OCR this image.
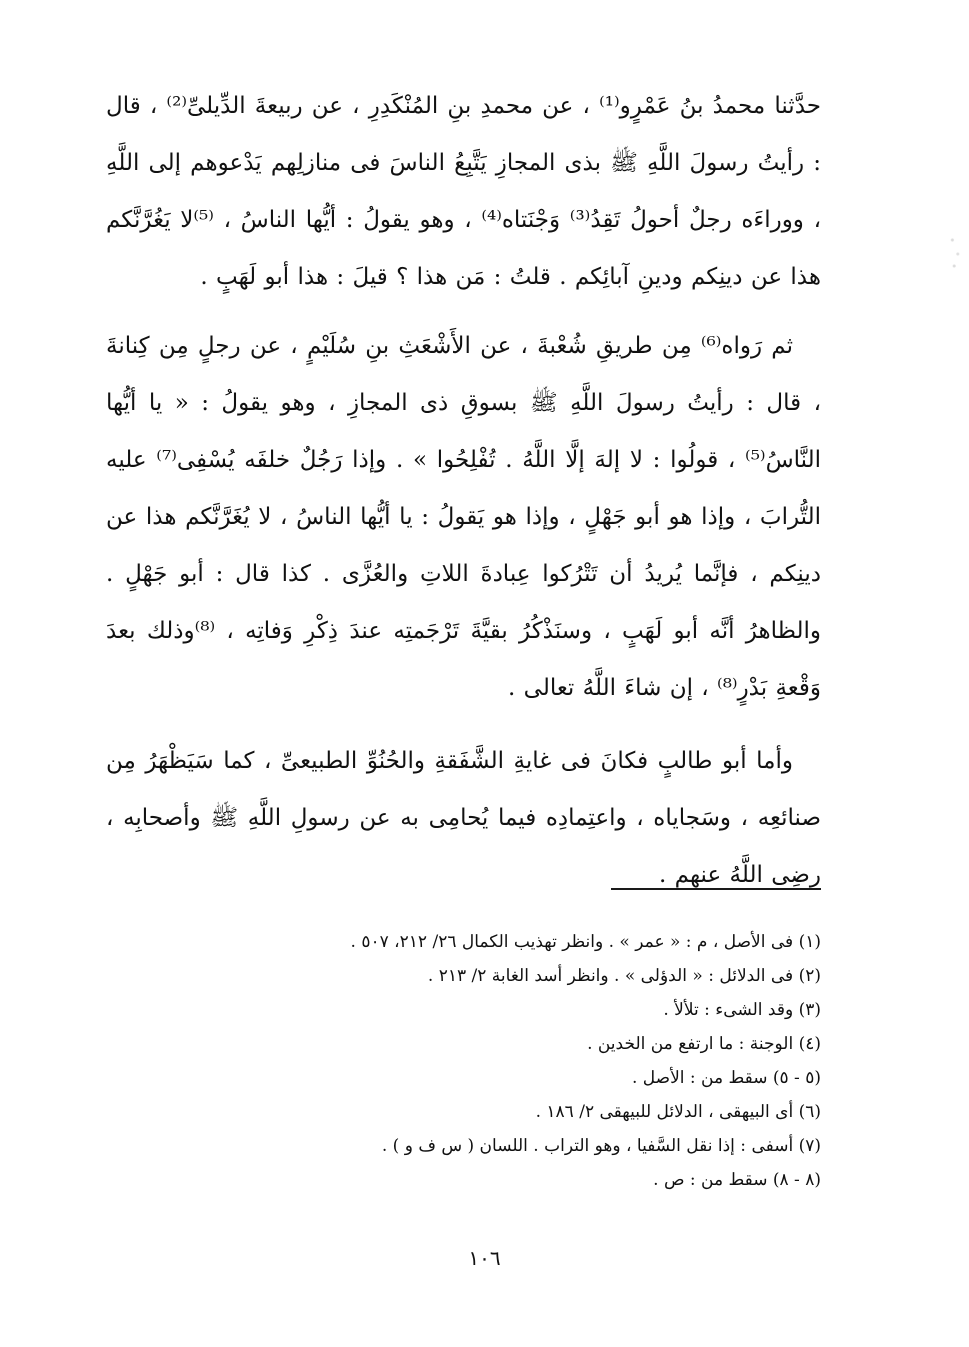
حدَّثنا محمدُ بنُ عَمْرٍو⁽¹⁾ ، عن محمدِ بنِ المُنْكَدِرِ ، عن ربيعةَ الدِّيلىِّ⁽²⁾ ، قال : رأيتُ رسولَ اللَّهِ ﷺ بذى المجازِ يَتَّبِعُ الناسَ فى منازلِهم يَدْعوهم إلى اللَّهِ ، ووراءَه رجلٌ أحولُ تَقِدُ⁽³⁾ وَجْنَتاه⁽⁴⁾ ، وهو يقولُ : أيُّها الناسُ ، ⁽⁵⁾لا يَغُرَّنَّكم هذا عن دينِكم ودينِ آبائِكم . قلتُ : مَن هذا ؟ قيلَ : هذا أبو لَهَبٍ .

ثم رَواه⁽⁶⁾ مِن طريقِ شُعْبةَ ، عن الأَشْعَثِ بنِ سُلَيْمٍ ، عن رجلٍ مِن كِنانةَ ، قال : رأيتُ رسولَ اللَّهِ ﷺ بسوقِ ذى المجازِ ، وهو يقولُ : « يا أيُّها النَّاسُ⁽⁵⁾ ، قولُوا : لا إلهَ إلَّا اللَّهُ . تُفْلِحُوا » . وإذا رَجُلٌ خلفَه يُسْفِى⁽⁷⁾ عليه التُّرابَ ، وإذا هو أبو جَهْلٍ ، وإذا هو يَقولُ : يا أيُّها الناسُ ، لا يُغَرَّنَّكم هذا عن دينِكم ، فإنَّما يُريدُ أن تَتْرُكوا عِبادةَ اللاتِ والعُزَّى . كذا قال : أبو جَهْلٍ . والظاهرُ أنَّه أبو لَهَبٍ ، وسنَذْكُرُ بقيَّةَ تَرْجَمتِه عندَ ذِكْرِ وَفاتِه ، ⁽⁸⁾وذلك بعدَ وَقْعةِ بَدْرٍ⁽⁸⁾ ، إن شاءَ اللَّهُ تعالى .

وأما أبو طالبٍ فكانَ فى غايةِ الشَّفَقةِ والحُنُوِّ الطبيعىِّ ، كما سَيَظْهَرُ مِن صنائعِه ، وسَجاياه ، واعتِمادِه فيما يُحامِى به عن رسولِ اللَّهِ ﷺ وأصحابِه ، رضِى اللَّهُ عنهم .

(١) فى الأصل ، م : « عمر » . وانظر تهذيب الكمال ٢٦/ ٢١٢، ٥٠٧ .
(٢) فى الدلائل : « الدؤلى » . وانظر أسد الغابة ٢/ ٢١٣ .
(٣) وقد الشىء : تلألأ .
(٤) الوجنة : ما ارتفع من الخدين .
(٥ - ٥) سقط من : الأصل .
(٦) أى البيهقى ، الدلائل للبيهقى ٢/ ١٨٦ .
(٧) أسفى : إذا نقل السَّفيا ، وهو التراب . اللسان ( س ف و ) .
(٨ - ٨) سقط من : ص .
١٠٦
